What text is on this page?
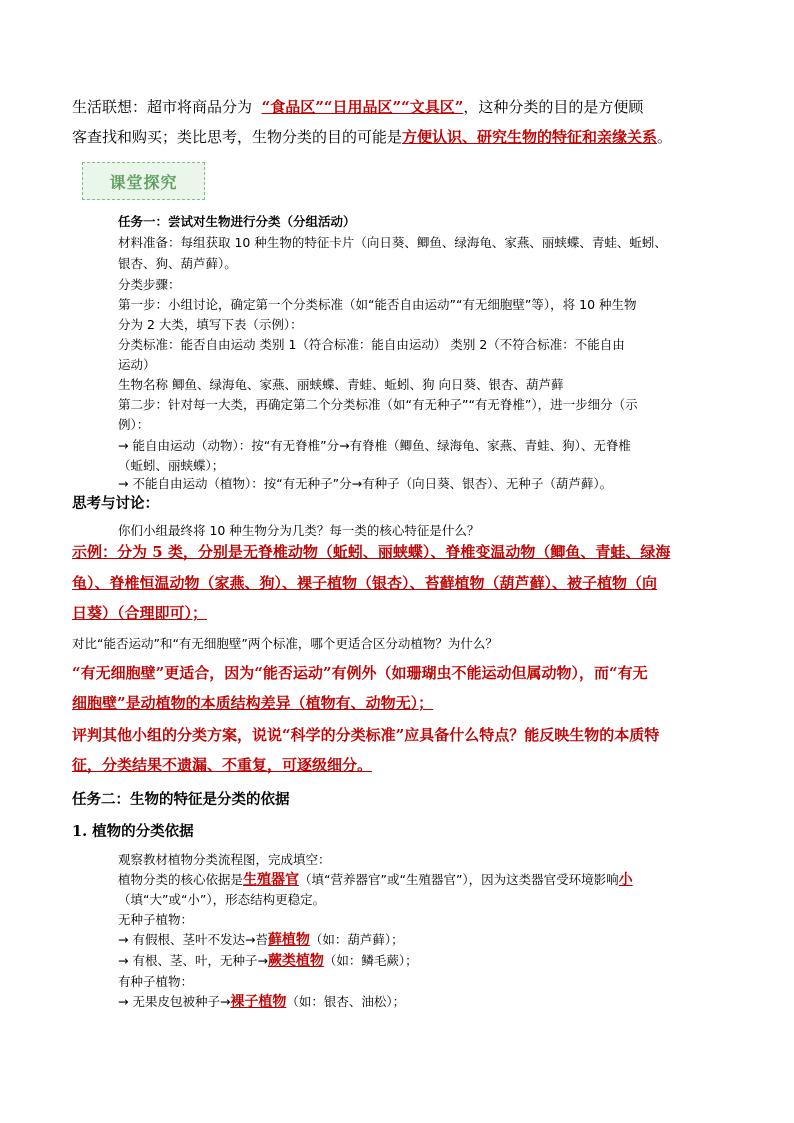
生活联想：超市将商品分为 “食品区”“日用品区”“文具区”，这种分类的目的是方便顾
客查找和购买；类比思考，生物分类的目的可能是方便认识、研究生物的特征和亲缘关系。
课堂探究
任务一：尝试对生物进行分类（分组活动）
材料准备：每组获取 10 种生物的特征卡片（向日葵、鲫鱼、绿海龟、家燕、丽蛱蝶、青蛙、蚯蚓、
银杏、狗、葫芦藓）。
分类步骤：
第一步：小组讨论，确定第一个分类标准（如“能否自由运动”“有无细胞壁”等），将 10 种生物
分为 2 大类，填写下表（示例）：
分类标准：能否自由运动 类别 1（符合标准：能自由运动） 类别 2（不符合标准：不能自由
运动）
生物名称 鲫鱼、绿海龟、家燕、丽蛱蝶、青蛙、蚯蚓、狗 向日葵、银杏、葫芦藓
第二步：针对每一大类，再确定第二个分类标准（如“有无种子”“有无脊椎”），进一步细分（示
例）：
→ 能自由运动（动物）：按“有无脊椎”分→有脊椎（鲫鱼、绿海龟、家燕、青蛙、狗）、无脊椎
（蚯蚓、丽蛱蝶）；
→ 不能自由运动（植物）：按“有无种子”分→有种子（向日葵、银杏）、无种子（葫芦藓）。
思考与讨论：
你们小组最终将 10 种生物分为几类？每一类的核心特征是什么？
示例：分为 5 类，分别是无脊椎动物（蚯蚓、丽蛱蝶）、脊椎变温动物（鲫鱼、青蛙、绿海
龟）、脊椎恒温动物（家燕、狗）、裸子植物（银杏）、苔藓植物（葫芦藓）、被子植物（向
日葵）（合理即可）；
对比“能否运动”和“有无细胞壁”两个标准，哪个更适合区分动植物？为什么？
“有无细胞壁”更适合，因为“能否运动”有例外（如珊瑚虫不能运动但属动物），而“有无
细胞壁”是动植物的本质结构差异（植物有、动物无）；
评判其他小组的分类方案，说说“科学的分类标准”应具备什么特点？能反映生物的本质特
征，分类结果不遗漏、不重复，可逐级细分。
任务二：生物的特征是分类的依据
1. 植物的分类依据
观察教材植物分类流程图，完成填空：
植物分类的核心依据是生殖器官（填“营养器官”或“生殖器官”），因为这类器官受环境影响小
（填“大”或“小”），形态结构更稳定。
无种子植物：
→ 有假根、茎叶不发达→苔藓植物（如：葫芦藓）；
→ 有根、茎、叶，无种子→蕨类植物（如：鳞毛蕨）；
有种子植物：
→ 无果皮包被种子→裸子植物（如：银杏、油松）；
